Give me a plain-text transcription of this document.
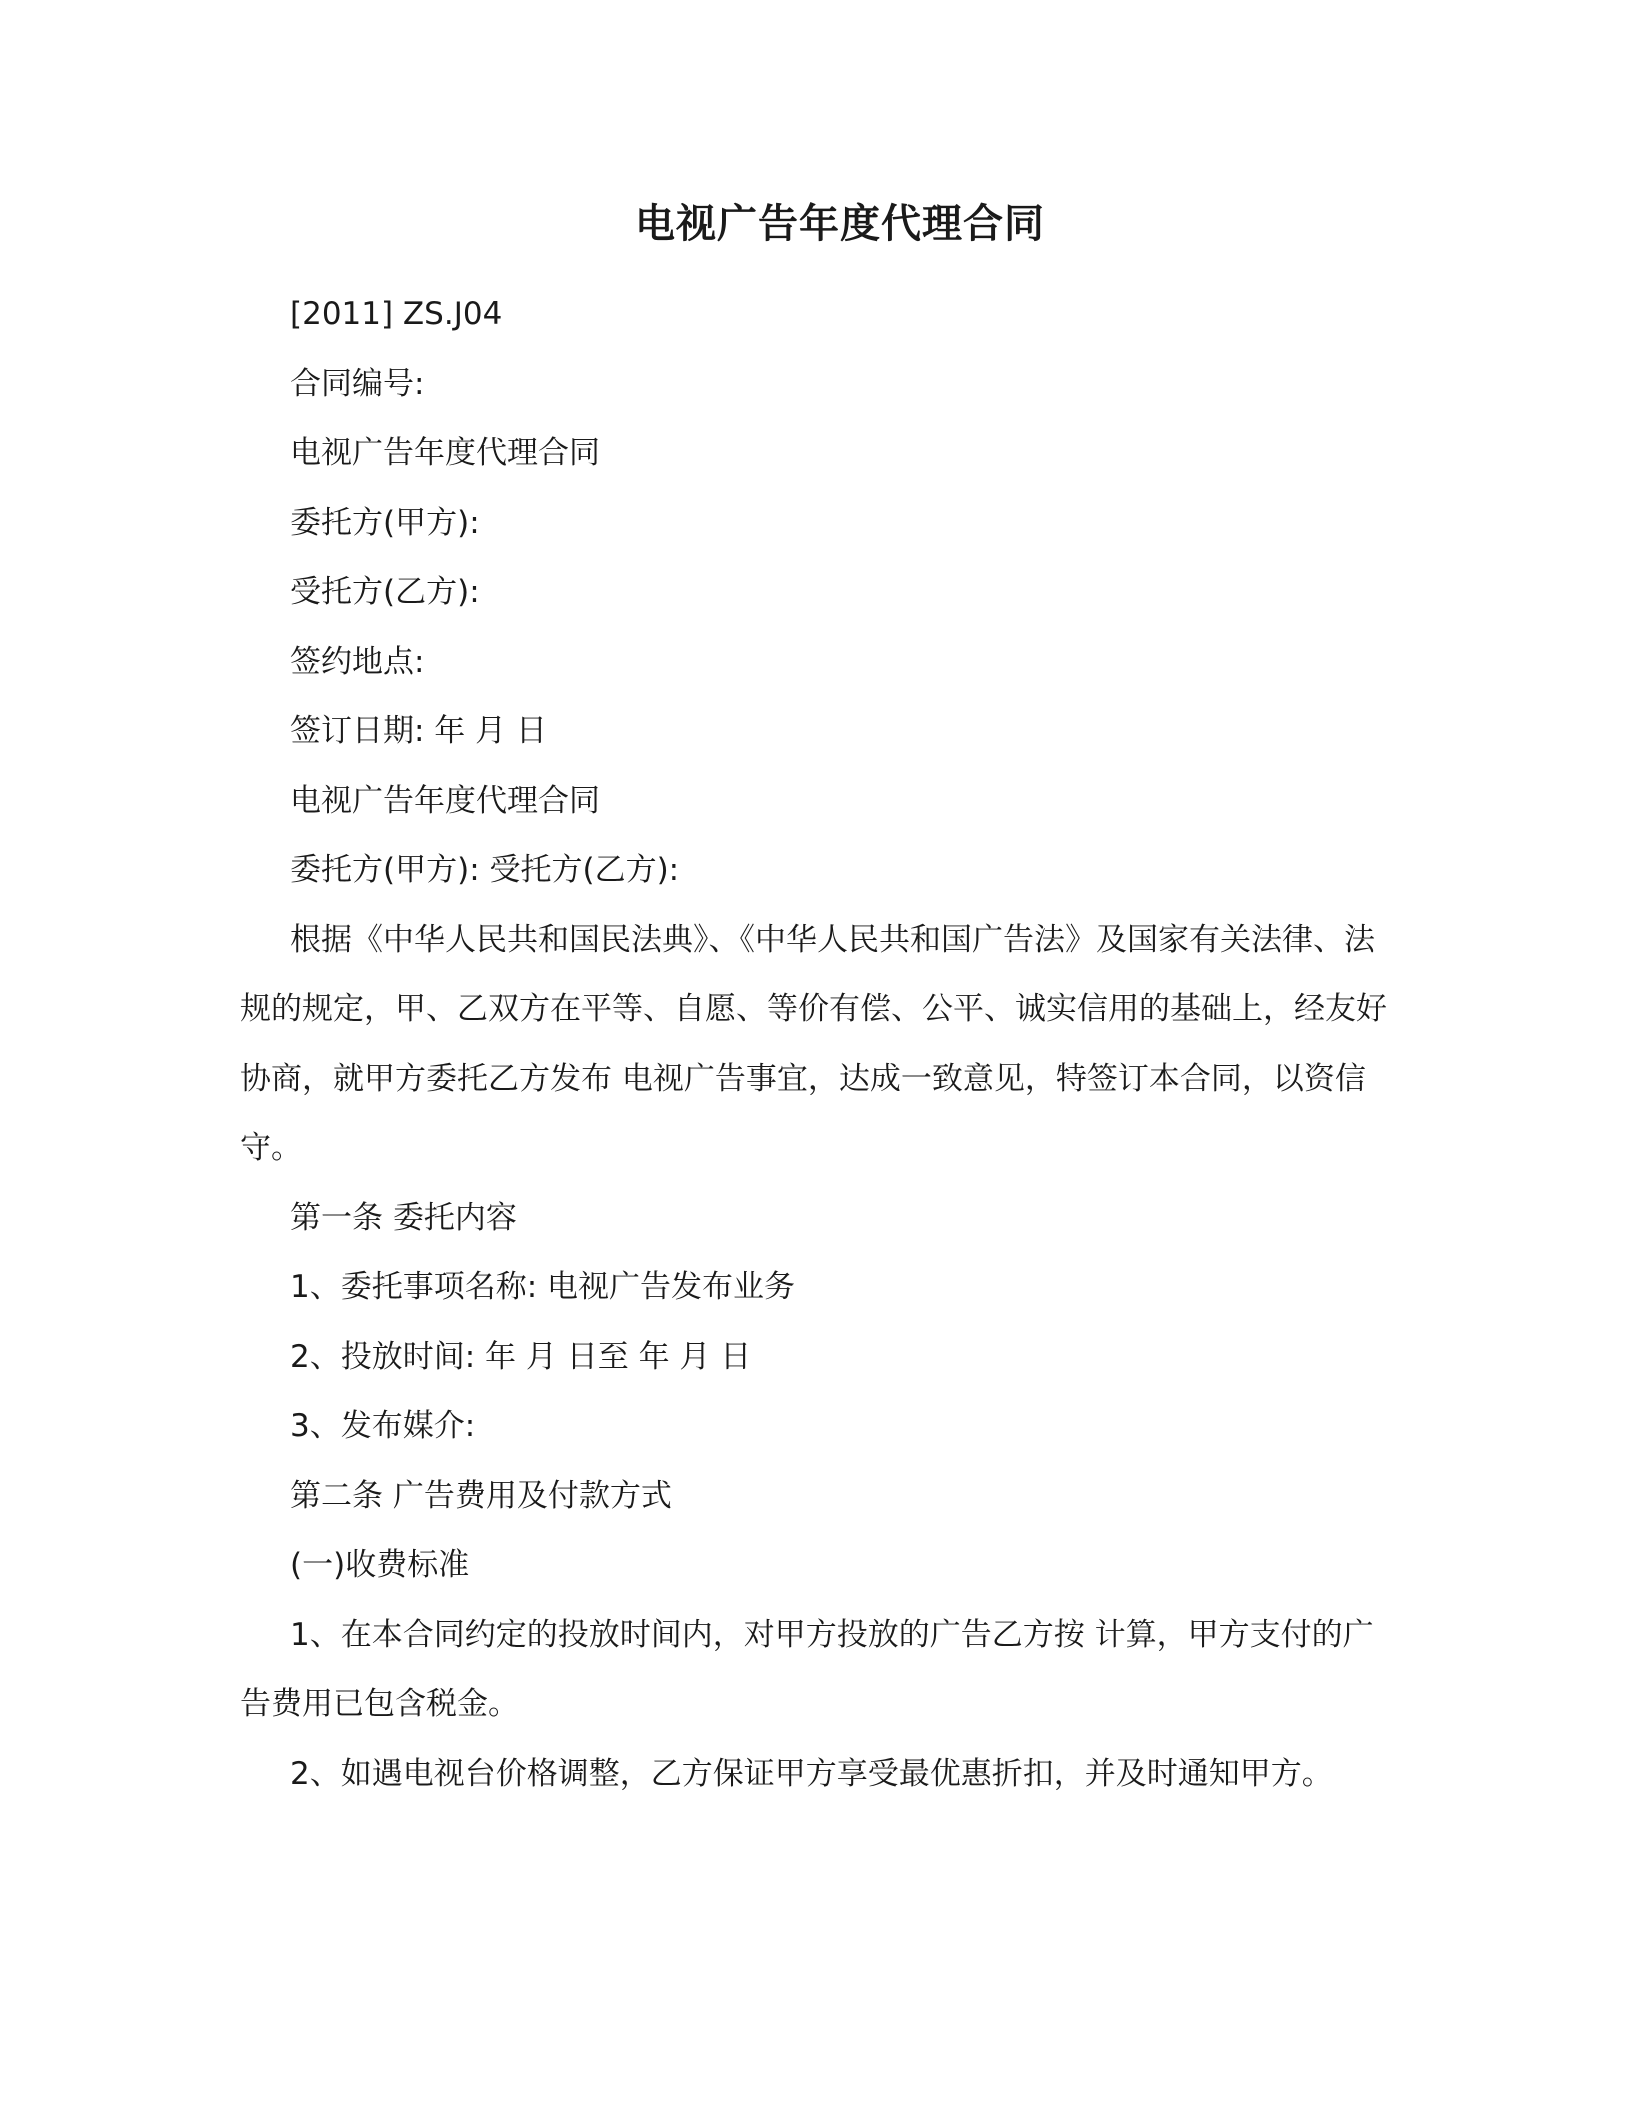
电视广告年度代理合同

[2011] ZS.J04

合同编号:

电视广告年度代理合同

委托方(甲方):

受托方(乙方):

签约地点:

签订日期: 年 月 日

电视广告年度代理合同

委托方(甲方): 受托方(乙方):

根据《中华人民共和国民法典》、《中华人民共和国广告法》及国家有关法律、法规的规定，甲、乙双方在平等、自愿、等价有偿、公平、诚实信用的基础上，经友好协商，就甲方委托乙方发布 电视广告事宜，达成一致意见，特签订本合同，以资信守。

第一条 委托内容

1、委托事项名称: 电视广告发布业务

2、投放时间: 年 月 日至 年 月 日

3、发布媒介:

第二条 广告费用及付款方式

(一)收费标准

1、在本合同约定的投放时间内，对甲方投放的广告乙方按 计算，甲方支付的广告费用已包含税金。

2、如遇电视台价格调整，乙方保证甲方享受最优惠折扣，并及时通知甲方。
